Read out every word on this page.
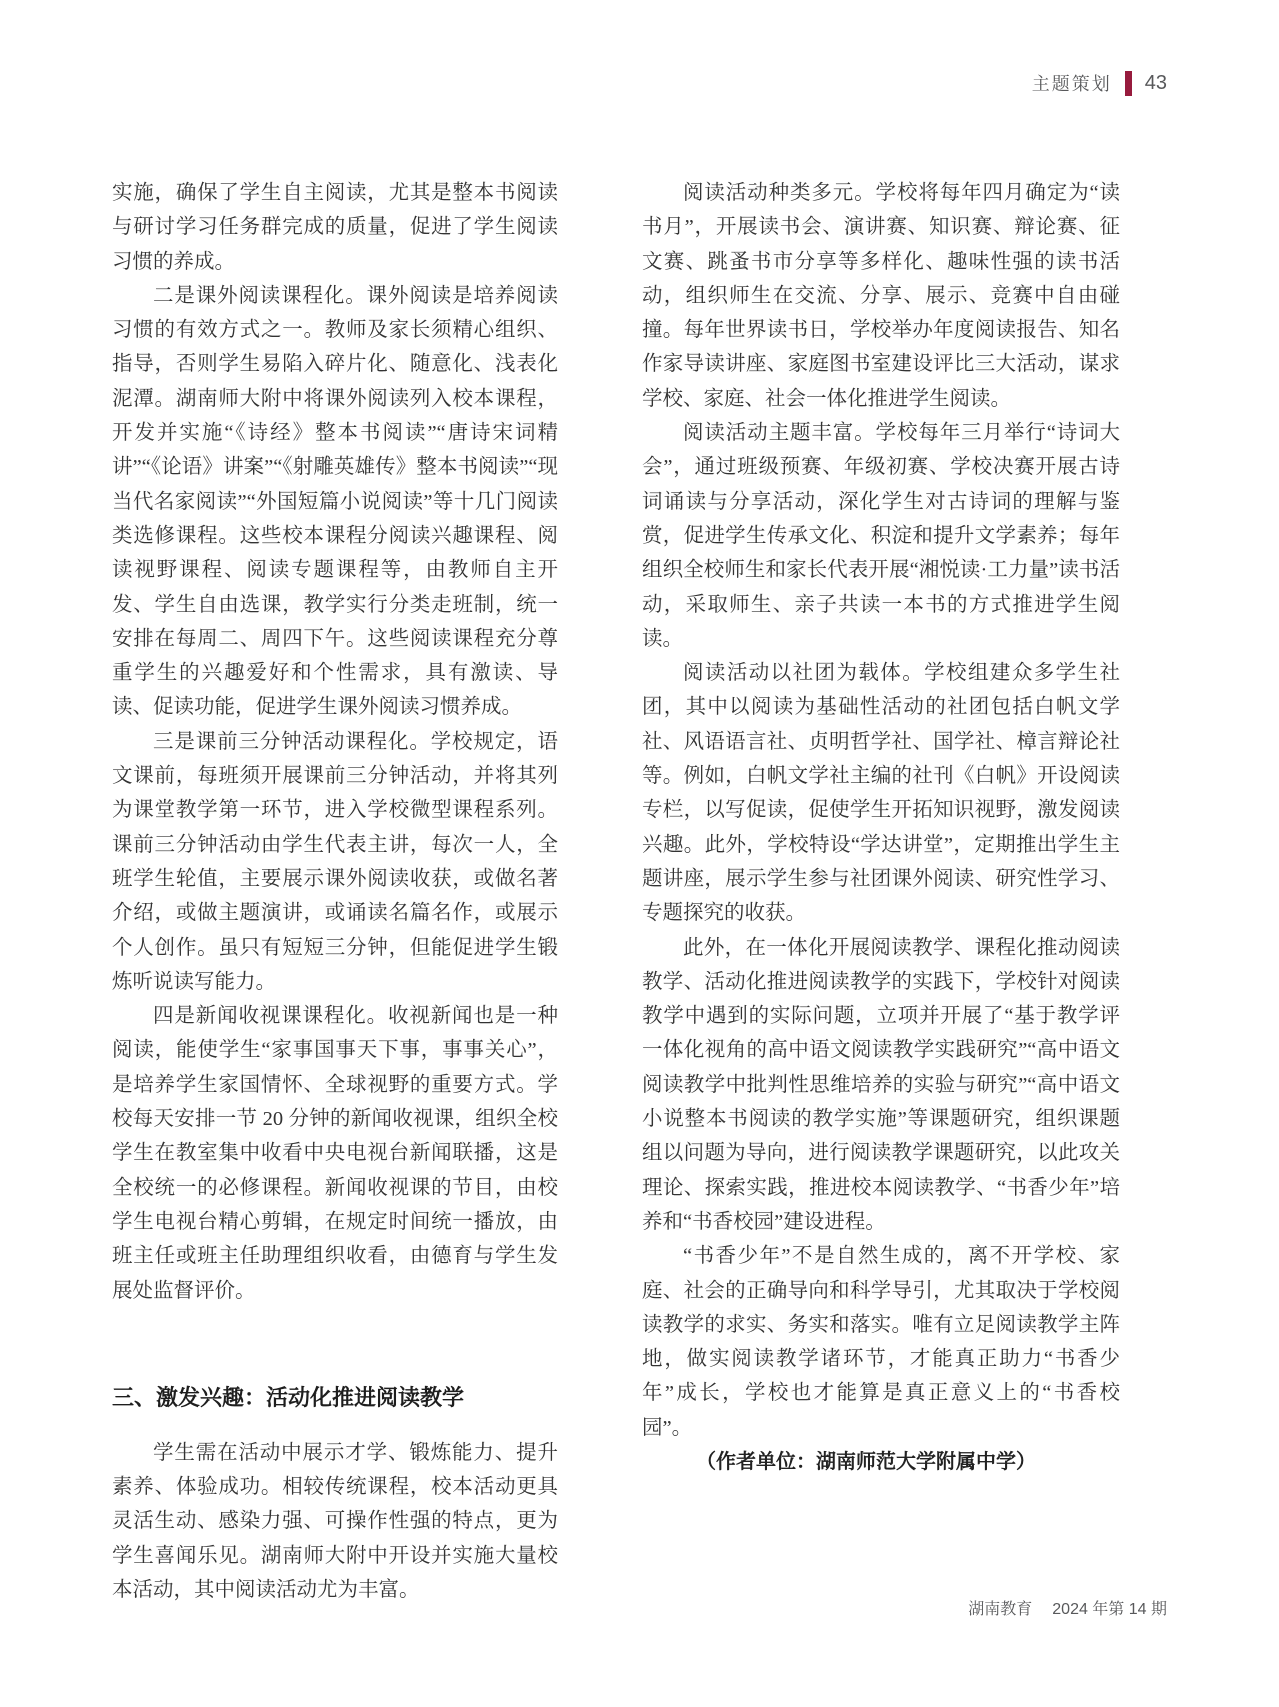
主题策划 43

实施，确保了学生自主阅读，尤其是整本书阅读与研讨学习任务群完成的质量，促进了学生阅读习惯的养成。

二是课外阅读课程化。课外阅读是培养阅读习惯的有效方式之一。教师及家长须精心组织、指导，否则学生易陷入碎片化、随意化、浅表化泥潭。湖南师大附中将课外阅读列入校本课程，开发并实施“《诗经》整本书阅读”“唐诗宋词精讲”“《论语》讲案”“《射雕英雄传》整本书阅读”“现当代名家阅读”“外国短篇小说阅读”等十几门阅读类选修课程。这些校本课程分阅读兴趣课程、阅读视野课程、阅读专题课程等，由教师自主开发、学生自由选课，教学实行分类走班制，统一安排在每周二、周四下午。这些阅读课程充分尊重学生的兴趣爱好和个性需求，具有激读、导读、促读功能，促进学生课外阅读习惯养成。

三是课前三分钟活动课程化。学校规定，语文课前，每班须开展课前三分钟活动，并将其列为课堂教学第一环节，进入学校微型课程系列。课前三分钟活动由学生代表主讲，每次一人，全班学生轮值，主要展示课外阅读收获，或做名著介绍，或做主题演讲，或诵读名篇名作，或展示个人创作。虽只有短短三分钟，但能促进学生锻炼听说读写能力。

四是新闻收视课课程化。收视新闻也是一种阅读，能使学生“家事国事天下事，事事关心”，是培养学生家国情怀、全球视野的重要方式。学校每天安排一节 20 分钟的新闻收视课，组织全校学生在教室集中收看中央电视台新闻联播，这是全校统一的必修课程。新闻收视课的节目，由校学生电视台精心剪辑，在规定时间统一播放，由班主任或班主任助理组织收看，由德育与学生发展处监督评价。

三、激发兴趣：活动化推进阅读教学

学生需在活动中展示才学、锻炼能力、提升素养、体验成功。相较传统课程，校本活动更具灵活生动、感染力强、可操作性强的特点，更为学生喜闻乐见。湖南师大附中开设并实施大量校本活动，其中阅读活动尤为丰富。

阅读活动种类多元。学校将每年四月确定为“读书月”，开展读书会、演讲赛、知识赛、辩论赛、征文赛、跳蚤书市分享等多样化、趣味性强的读书活动，组织师生在交流、分享、展示、竞赛中自由碰撞。每年世界读书日，学校举办年度阅读报告、知名作家导读讲座、家庭图书室建设评比三大活动，谋求学校、家庭、社会一体化推进学生阅读。

阅读活动主题丰富。学校每年三月举行“诗词大会”，通过班级预赛、年级初赛、学校决赛开展古诗词诵读与分享活动，深化学生对古诗词的理解与鉴赏，促进学生传承文化、积淀和提升文学素养；每年组织全校师生和家长代表开展“湘悦读·工力量”读书活动，采取师生、亲子共读一本书的方式推进学生阅读。

阅读活动以社团为载体。学校组建众多学生社团，其中以阅读为基础性活动的社团包括白帆文学社、风语语言社、贞明哲学社、国学社、樟言辩论社等。例如，白帆文学社主编的社刊《白帆》开设阅读专栏，以写促读，促使学生开拓知识视野，激发阅读兴趣。此外，学校特设“学达讲堂”，定期推出学生主题讲座，展示学生参与社团课外阅读、研究性学习、专题探究的收获。

此外，在一体化开展阅读教学、课程化推动阅读教学、活动化推进阅读教学的实践下，学校针对阅读教学中遇到的实际问题，立项并开展了“基于教学评一体化视角的高中语文阅读教学实践研究”“高中语文阅读教学中批判性思维培养的实验与研究”“高中语文小说整本书阅读的教学实施”等课题研究，组织课题组以问题为导向，进行阅读教学课题研究，以此攻关理论、探索实践，推进校本阅读教学、“书香少年”培养和“书香校园”建设进程。

“书香少年”不是自然生成的，离不开学校、家庭、社会的正确导向和科学导引，尤其取决于学校阅读教学的求实、务实和落实。唯有立足阅读教学主阵地，做实阅读教学诸环节，才能真正助力“书香少年”成长，学校也才能算是真正意义上的“书香校园”。

（作者单位：湖南师范大学附属中学）

湖南教育 2024 年第 14 期
